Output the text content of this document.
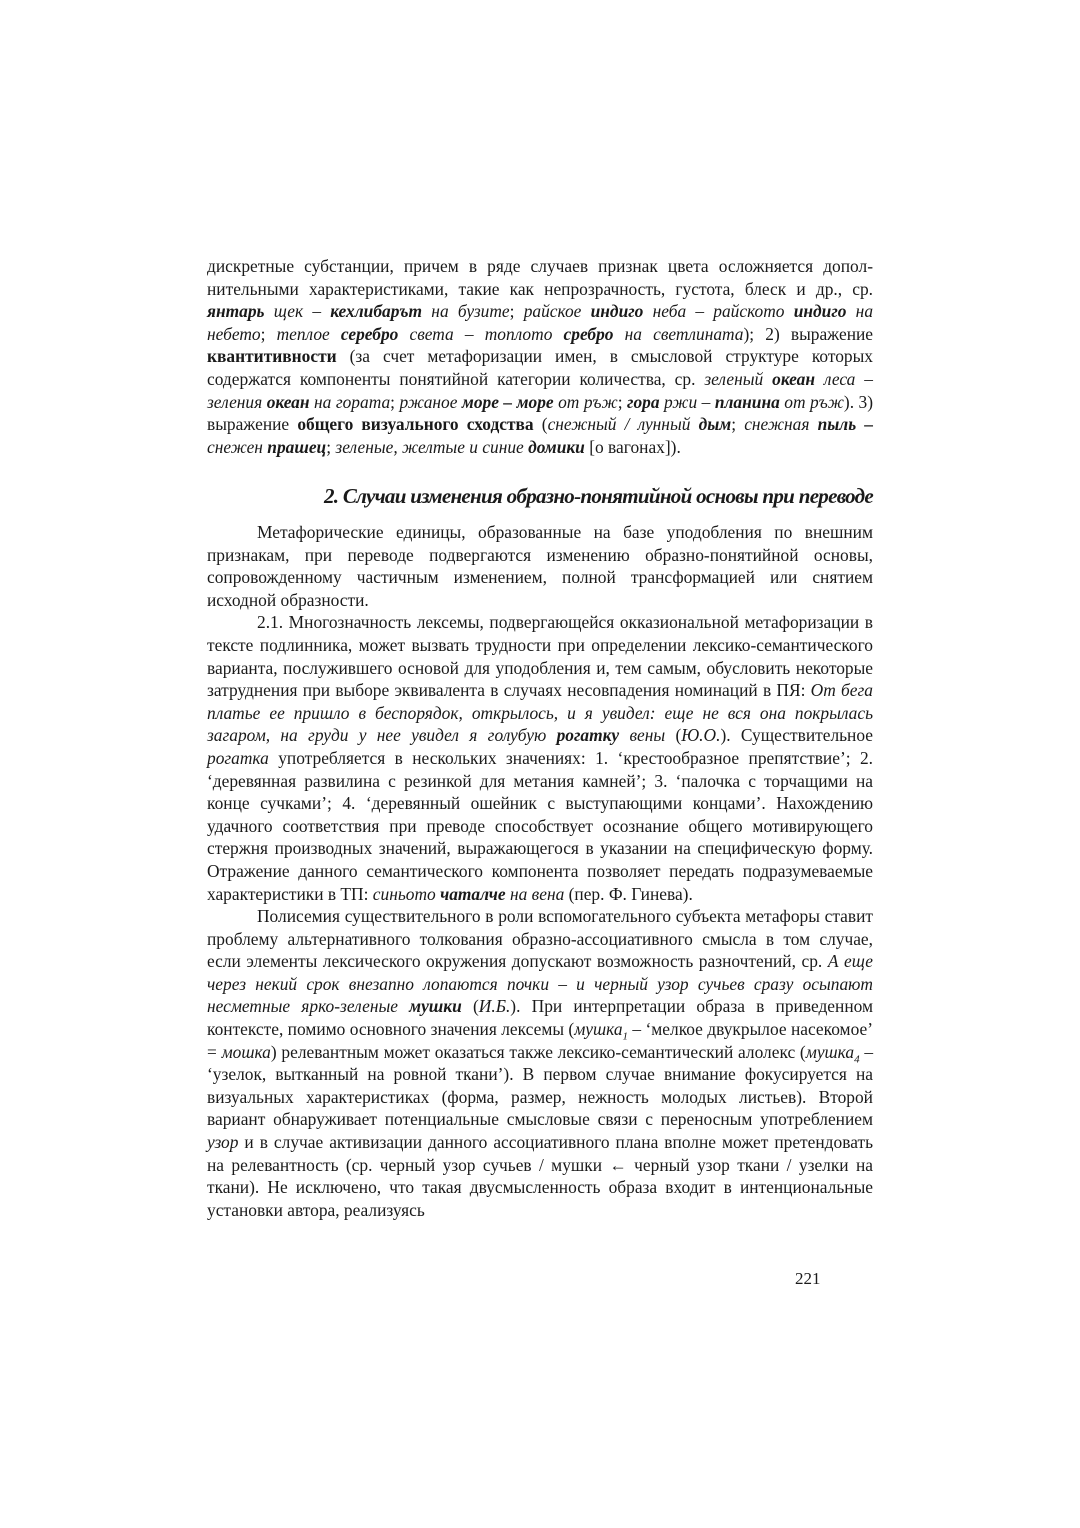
дискретные субстанции, причем в ряде случаев признак цвета осложняется дополнительными характеристиками, такие как непрозрачность, густота, блеск и др., ср. янтарь щек – кехлибарът на бузите; райское индиго неба – райското индиго на небето; теплое серебро света – топлото сребро на светлината); 2) выражение квантитивности (за счет метафоризации имен, в смысловой структуре которых содержатся компоненты понятийной категории количества, ср. зеленый океан леса – зеления океан на гората; ржаное море – море от ръж; гора ржи – планина от ръж). 3) выражение общего визуального сходства (снежный / лунный дым; снежная пыль – снежен прашец; зеленые, желтые и синие домики [о вагонах]).

2. Случаи изменения образно-понятийной основы при переводе

Метафорические единицы, образованные на базе уподобления по внешним признакам, при переводе подвергаются изменению образно-понятийной основы, сопровожденному частичным изменением, полной трансформацией или снятием исходной образности.

2.1. Многозначность лексемы, подвергающейся окказиональной метафоризации в тексте подлинника, может вызвать трудности при определении лексико-семантического варианта, послужившего основой для уподобления и, тем самым, обусловить некоторые затруднения при выборе эквивалента в случаях несовпадения номинаций в ПЯ: От бега платье ее пришло в беспорядок, открылось, и я увидел: еще не вся она покрылась загаром, на груди у нее увидел я голубую рогатку вены (Ю.О.). Существительное рогатка употребляется в нескольких значениях: 1. ‘крестообразное препятствие’; 2. ‘деревянная развилина с резинкой для метания камней’; 3. ‘палочка с торчащими на конце сучками’; 4. ‘деревянный ошейник с выступающими концами’. Нахождению удачного соответствия при преводе способствует осознание общего мотивирующего стержня производных значений, выражающегося в указании на специфическую форму. Отражение данного семантического компонента позволяет передать подразумеваемые характеристики в ТП: синьото чаталче на вена (пер. Ф. Гинева).

Полисемия существительного в роли вспомогательного субъекта метафоры ставит проблему альтернативного толкования образно-ассоциативного смысла в том случае, если элементы лексического окружения допускают возможность разночтений, ср. А еще через некий срок внезапно лопаются почки – и черный узор сучьев сразу осыпают несметные ярко-зеленые мушки (И.Б.). При интерпретации образа в приведенном контексте, помимо основного значения лексемы (мушка$_1$ – ‘мелкое двукрылое насекомое’ = мошка) релевантным может оказаться также лексико-семантический алолекс (мушка$_4$ – ‘узелок, вытканный на ровной ткани’). В первом случае внимание фокусируется на визуальных характеристиках (форма, размер, нежность молодых листьев). Второй вариант обнаруживает потенциальные смысловые связи с переносным употреблением узор и в случае активизации данного ассоциативного плана вполне может претендовать на релевантность (ср. черный узор сучьев / мушки ← черный узор ткани / узелки на ткани). Не исключено, что такая двусмысленность образа входит в интенциональные установки автора, реализуясь

221
